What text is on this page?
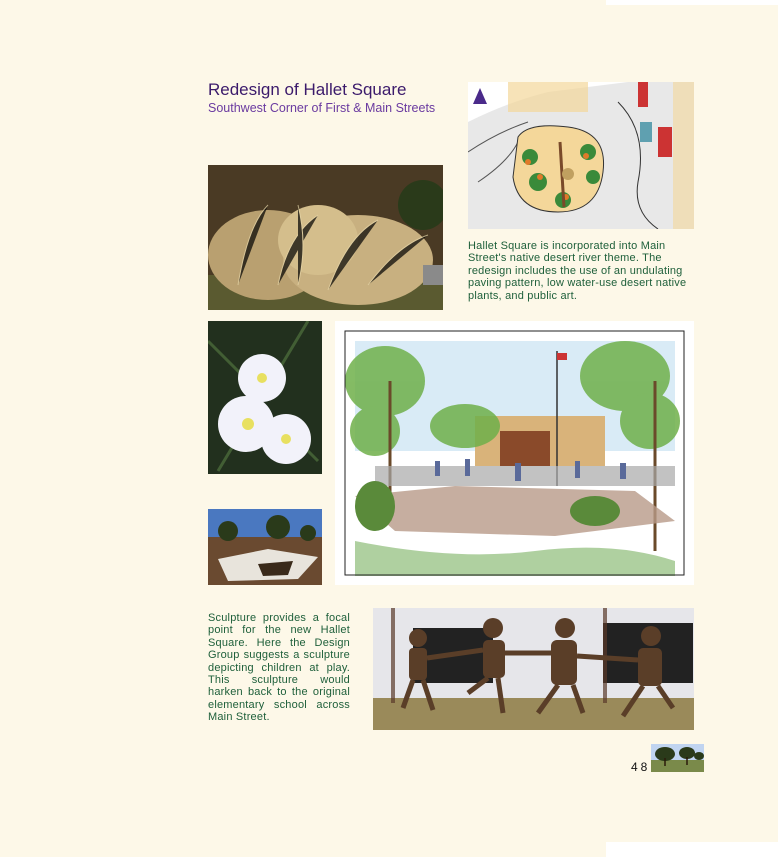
Redesign of Hallet Square
Southwest Corner of First & Main Streets
Hallet Square is incorporated into Main Street's native desert river theme. The redesign includes the use of an undulating paving pattern, low water-use desert native plants, and public art.
Sculpture provides a focal point for the new Hallet Square. Here the Design Group suggests a sculpture depicting children at play. This sculpture would harken back to the original elementary school across Main Street.
48
